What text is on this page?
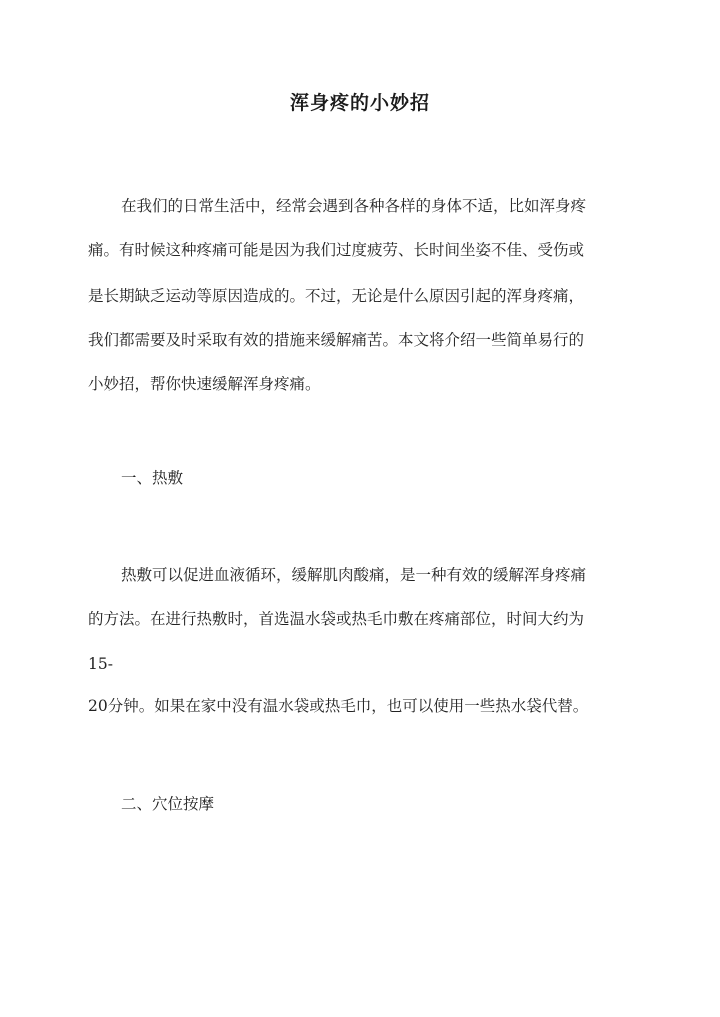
浑身疼的小妙招
在我们的日常生活中，经常会遇到各种各样的身体不适，比如浑身疼
痛。有时候这种疼痛可能是因为我们过度疲劳、长时间坐姿不佳、受伤或
是长期缺乏运动等原因造成的。不过，无论是什么原因引起的浑身疼痛，
我们都需要及时采取有效的措施来缓解痛苦。本文将介绍一些简单易行的
小妙招，帮你快速缓解浑身疼痛。
一、热敷
热敷可以促进血液循环，缓解肌肉酸痛，是一种有效的缓解浑身疼痛
的方法。在进行热敷时，首选温水袋或热毛巾敷在疼痛部位，时间大约为
15-
20分钟。如果在家中没有温水袋或热毛巾，也可以使用一些热水袋代替。
二、穴位按摩
